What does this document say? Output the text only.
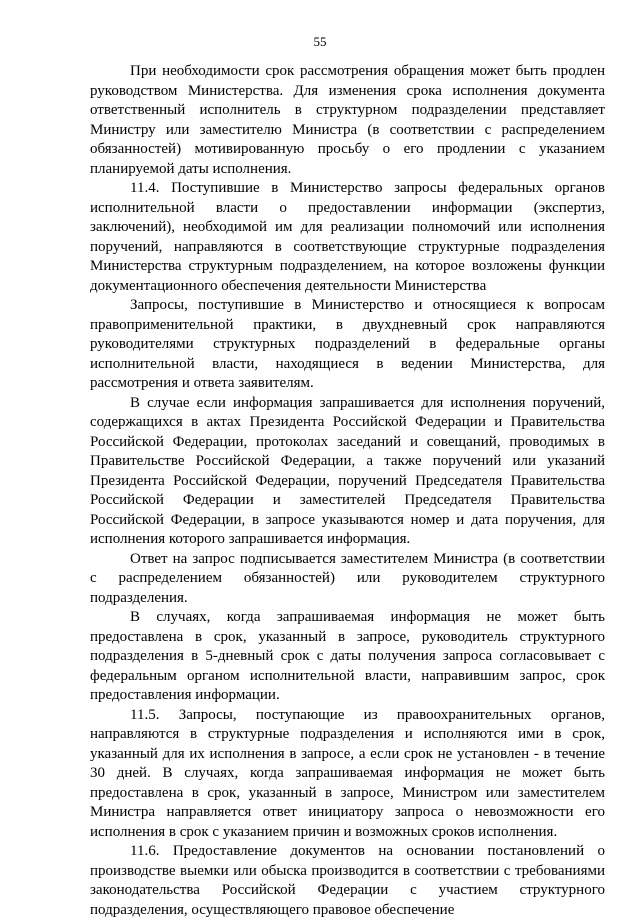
55

При необходимости срок рассмотрения обращения может быть продлен руководством Министерства. Для изменения срока исполнения документа ответственный исполнитель в структурном подразделении представляет Министру или заместителю Министра (в соответствии с распределением обязанностей) мотивированную просьбу о его продлении с указанием планируемой даты исполнения.

11.4. Поступившие в Министерство запросы федеральных органов исполнительной власти о предоставлении информации (экспертиз, заключений), необходимой им для реализации полномочий или исполнения поручений, направляются в соответствующие структурные подразделения Министерства структурным подразделением, на которое возложены функции документационного обеспечения деятельности Министерства

Запросы, поступившие в Министерство и относящиеся к вопросам правоприменительной практики, в двухдневный срок направляются руководителями структурных подразделений в федеральные органы исполнительной власти, находящиеся в ведении Министерства, для рассмотрения и ответа заявителям.

В случае если информация запрашивается для исполнения поручений, содержащихся в актах Президента Российской Федерации и Правительства Российской Федерации, протоколах заседаний и совещаний, проводимых в Правительстве Российской Федерации, а также поручений или указаний Президента Российской Федерации, поручений Председателя Правительства Российской Федерации и заместителей Председателя Правительства Российской Федерации, в запросе указываются номер и дата поручения, для исполнения которого запрашивается информация.

Ответ на запрос подписывается заместителем Министра (в соответствии с распределением обязанностей) или руководителем структурного подразделения.

В случаях, когда запрашиваемая информация не может быть предоставлена в срок, указанный в запросе, руководитель структурного подразделения в 5-дневный срок с даты получения запроса согласовывает с федеральным органом исполнительной власти, направившим запрос, срок предоставления информации.

11.5. Запросы, поступающие из правоохранительных органов, направляются в структурные подразделения и исполняются ими в срок, указанный для их исполнения в запросе, а если срок не установлен - в течение 30 дней. В случаях, когда запрашиваемая информация не может быть предоставлена в срок, указанный в запросе, Министром или заместителем Министра направляется ответ инициатору запроса о невозможности его исполнения в срок с указанием причин и возможных сроков исполнения.

11.6. Предоставление документов на основании постановлений о производстве выемки или обыска производится в соответствии с требованиями законодательства Российской Федерации с участием структурного подразделения, осуществляющего правовое обеспечение
